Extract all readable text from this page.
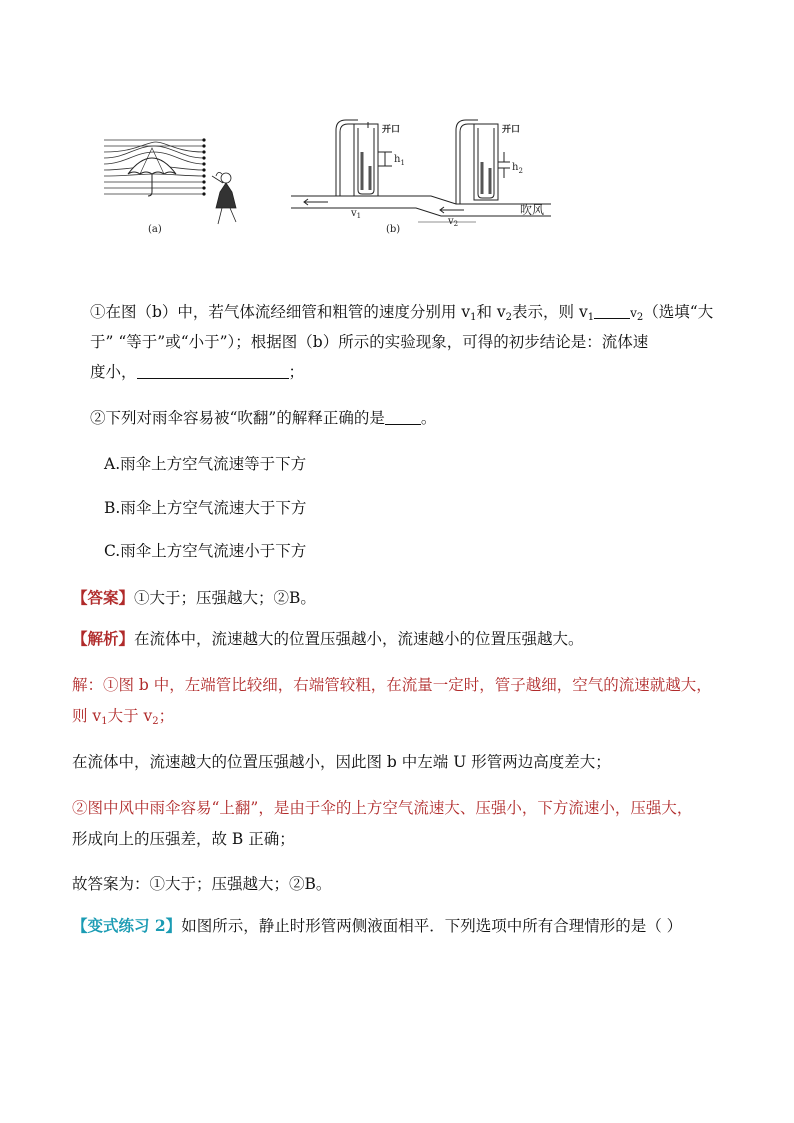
(a)
开口	开口
$h_1$	$h_2$
$v_1$	$v_2$
吹风
(b)
①在图（b）中，若气体流经细管和粗管的速度分别用 $v_1$和 $v_2$表示，则 $v_1$	$v_2$（选填“大
于” “等于”或“小于”）；根据图（b）所示的实验现象，可得的初步结论是：流体速
度小，	；
②下列对雨伞容易被“吹翻”的解释正确的是 。
A.雨伞上方空气流速等于下方
B.雨伞上方空气流速大于下方
C.雨伞上方空气流速小于下方
【答案】①大于；压强越大；②B。
【解析】在流体中，流速越大的位置压强越小，流速越小的位置压强越大。
解：①图 b 中，左端管比较细，右端管较粗，在流量一定时，管子越细，空气的流速就越大，
则 $v_1$大于 $v_2$；
在流体中，流速越大的位置压强越小，因此图 b 中左端 U 形管两边高度差大；
②图中风中雨伞容易“上翻”，是由于伞的上方空气流速大、压强小，下方流速小，压强大，
形成向上的压强差，故 B 正确；
故答案为：①大于；压强越大；②B。
【变式练习 2】如图所示，静止时形管两侧液面相平．下列选项中所有合理情形的是（ ）
